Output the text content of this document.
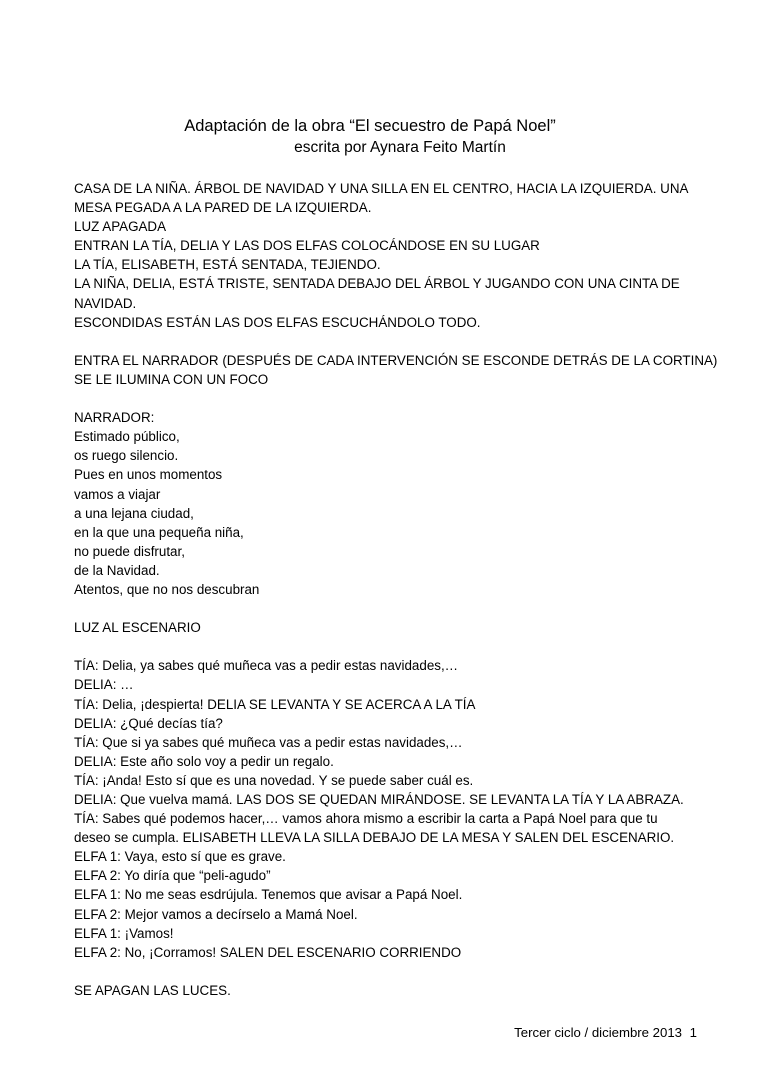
Adaptación de la obra “El secuestro de Papá Noel”
escrita por Aynara Feito Martín
CASA DE LA NIÑA. ÁRBOL DE NAVIDAD Y UNA SILLA EN EL CENTRO, HACIA LA IZQUIERDA. UNA
MESA PEGADA A LA PARED DE LA IZQUIERDA.
LUZ APAGADA
ENTRAN LA TÍA, DELIA Y LAS DOS ELFAS COLOCÁNDOSE EN SU LUGAR
LA TÍA, ELISABETH, ESTÁ SENTADA, TEJIENDO.
LA NIÑA, DELIA, ESTÁ TRISTE, SENTADA DEBAJO DEL ÁRBOL Y JUGANDO CON UNA CINTA DE
NAVIDAD.
ESCONDIDAS ESTÁN LAS DOS ELFAS ESCUCHÁNDOLO TODO.
ENTRA EL NARRADOR (DESPUÉS DE CADA INTERVENCIÓN SE ESCONDE DETRÁS DE LA CORTINA)
SE LE ILUMINA CON UN FOCO
NARRADOR:
Estimado público,
os ruego silencio.
Pues en unos momentos
vamos a viajar
a una lejana ciudad,
en la que una pequeña niña,
no puede disfrutar,
de la Navidad.
Atentos, que no nos descubran
LUZ AL ESCENARIO
TÍA: Delia, ya sabes qué muñeca vas a pedir estas navidades,…
DELIA: …
TÍA: Delia, ¡despierta! DELIA SE LEVANTA Y SE ACERCA A LA TÍA
DELIA: ¿Qué decías tía?
TÍA: Que si ya sabes qué muñeca vas a pedir estas navidades,…
DELIA: Este año solo voy a pedir un regalo.
TÍA: ¡Anda! Esto sí que es una novedad. Y se puede saber cuál es.
DELIA: Que vuelva mamá. LAS DOS SE QUEDAN MIRÁNDOSE. SE LEVANTA LA TÍA Y LA ABRAZA.
TÍA: Sabes qué podemos hacer,… vamos ahora mismo a escribir la carta a Papá Noel para que tu
deseo se cumpla. ELISABETH LLEVA LA SILLA DEBAJO DE LA MESA Y SALEN DEL ESCENARIO.
ELFA 1: Vaya, esto sí que es grave.
ELFA 2: Yo diría que “peli-agudo”
ELFA 1: No me seas esdrújula. Tenemos que avisar a Papá Noel.
ELFA 2: Mejor vamos a decírselo a Mamá Noel.
ELFA 1: ¡Vamos!
ELFA 2: No, ¡Corramos! SALEN DEL ESCENARIO CORRIENDO
SE APAGAN LAS LUCES.
Tercer ciclo / diciembre 2013 1
